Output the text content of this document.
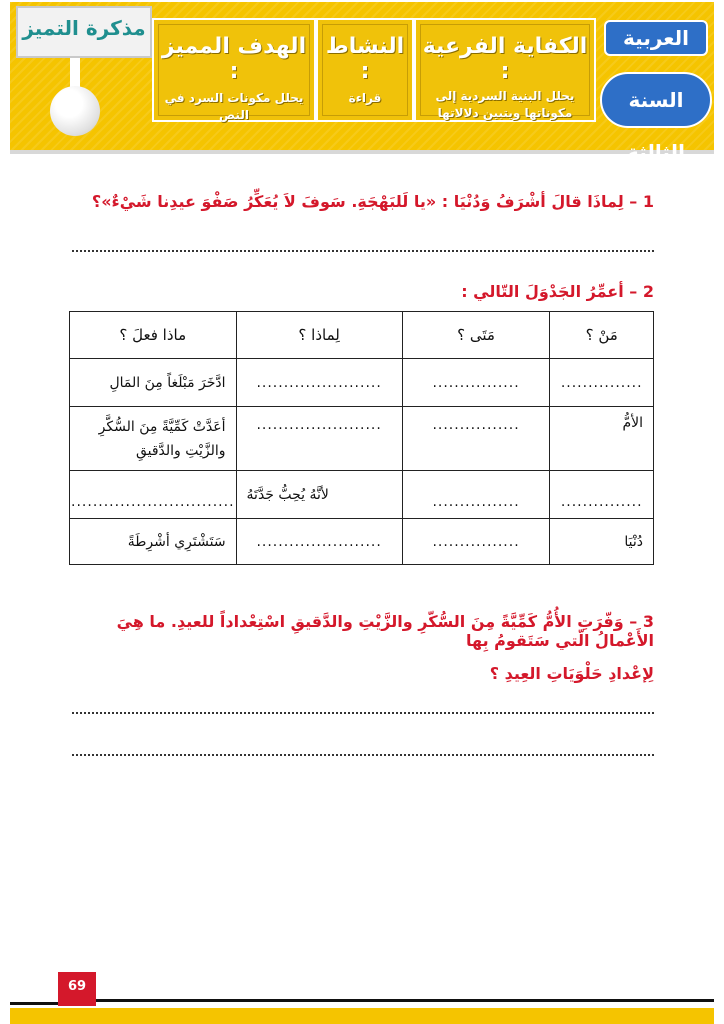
مذكرة التميز
الهدف المميز :
يحلل مكونات السرد في النص
النشاط :
قراءة
الكفاية الفرعية :
يحلل البنية السردية إلى مكوناتها ويتبين دلالاتها
العربية
السنة الثالثة
1 – لِماذَا قالَ أشْرَفُ وَدُنْيَا : «يا لَلبَهْجَةِ. سَوفَ لاَ يُعَكِّرُ صَفْوَ عيدِنا شَيْءٌ»؟
2 – أعمِّرُ الجَدْوَلَ التّالي :
مَنْ ؟	مَتَى ؟	لِماذا ؟	ماذا فعلَ ؟
...............	................	.......................	ادَّخَرَ مَبْلَغاً مِنَ المَالِ
الأمُّ	................	.......................	أعَدَّتْ كَمِّيَّةً مِنَ السُّكَّرِ والزَّيْتِ والدَّقيقِ
...............	................	لأنَّهُ يُحِبُّ جَدَّتَهُ	..............................
دُنْيَا	................	.......................	سَتَشْتَرِي أشْرِطَةً
3 – وَفّرَتِ الأُمُّ كَمِّيَّةً مِنَ السُّكّرِ والزَّيْتِ والدَّقيقِ اسْتِعْداداً للعيدِ. ما هِيَ الأَعْمالُ الّتي سَتَقومُ بِها
لِإعْدادِ حَلْوَيَاتِ العِيدِ ؟
69
